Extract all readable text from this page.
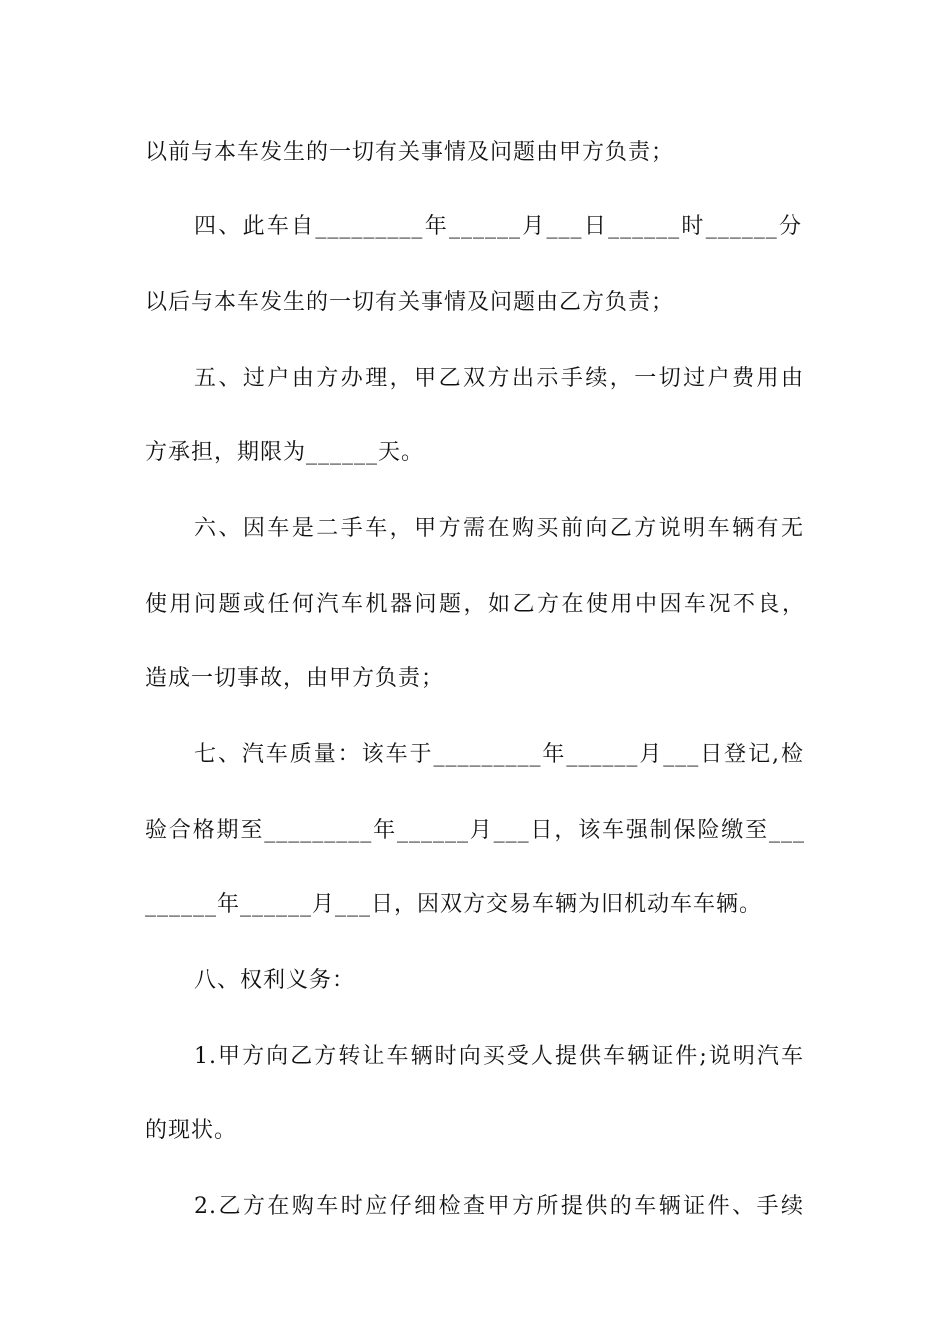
以前与本车发生的一切有关事情及问题由甲方负责；
四、此车自_________年______月___日______时______分
以后与本车发生的一切有关事情及问题由乙方负责；
五、过户由方办理，甲乙双方出示手续，一切过户费用由
方承担，期限为______天。
六、因车是二手车，甲方需在购买前向乙方说明车辆有无
使用问题或任何汽车机器问题，如乙方在使用中因车况不良，
造成一切事故，由甲方负责；
七、汽车质量：该车于_________年______月___日登记,检
验合格期至_________年______月___日，该车强制保险缴至___
______年______月___日，因双方交易车辆为旧机动车车辆。
八、权利义务：
1.甲方向乙方转让车辆时向买受人提供车辆证件;说明汽车
的现状。
2.乙方在购车时应仔细检查甲方所提供的车辆证件、手续
